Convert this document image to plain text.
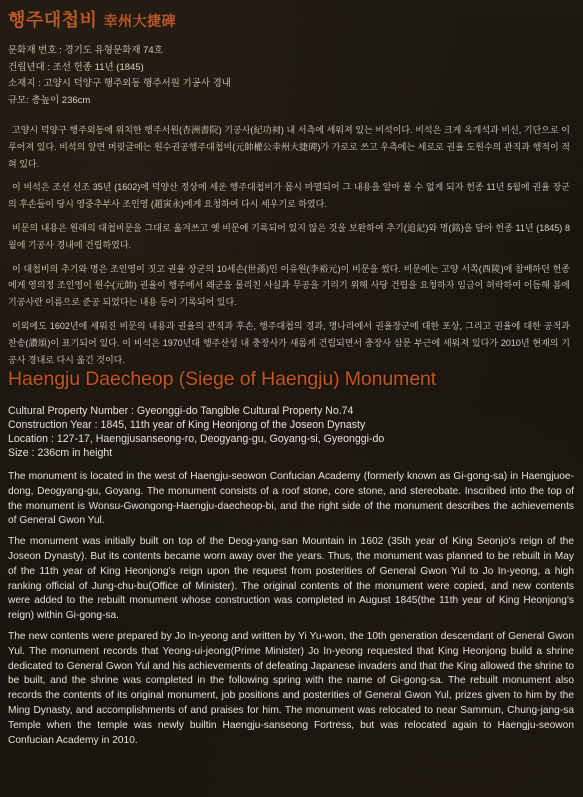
행주대첩비 幸州大捷碑
문화재 번호 : 경기도 유형문화재 74호
건립년대 : 조선 헌종 11년 (1845)
소재지 : 고양시 덕양구 행주외동 행주서원 기공사 경내
규모: 총높이 236cm

고양시 덕양구 행주외동에 위치한 행주서원(杏洲書院) 기공사(紀功祠) 내 서측에 세워져 있는 비석이다. 비석은 크게 옥개석과 비신, 기단으로 이루어져 있다. 비석의 앞면 머릿글에는 원수권공행주대첩비(元帥權公幸州大捷碑)가 가로로 쓰고 우측에는 세로로 권율 도원수의 관직과 행적이 적혀 있다.

이 비석은 조선 선조 35년 (1602)에 덕양산 정상에 세운 행주대첩비가 몹시 마멸되어 그 내용을 알아 볼 수 없게 되자 헌종 11년 5월에 권율 장군의 후손들이 당시 영중추부사 조인영 (趙寅永)에게 요청하여 다시 세우기로 하였다.

비문의 내용은 원래의 대첩비문을 그대로 옮겨쓰고 옛 비문에 기록되어 있지 않은 것을 보완하여 추기(追記)와 명(銘)을 달아 헌종 11년 (1845) 8월에 기공사 경내에 건립하였다.

이 대첩비의 추기와 명은 조인영이 짓고 권율 장군의 10세손(世孫)인 이유원(李裕元)이 비문을 썼다. 비문에는 고양 서쪽(西陵)에 참배하던 헌종에게 영의정 조인영이 원수(元帥) 권율이 행주에서 왜군을 물리친 사실과 무공을 기리기 위해 사당 건립을 요청하자 임금이 허락하여 이듬해 봄에 기공사란 이름으로 준공 되었다는 내용 등이 기록되어 있다.

이외에도 1602년에 세워진 비문의 내용과 권율의 관직과 후손, 행주대첩의 경과, 명나라에서 권율장군에 대한 포상, 그리고 권율에 대한 공적과 찬송(讚頌)이 표기되어 있다. 이 비석은 1970년대 행주산성 내 충장사가 새롭게 건립되면서 충장사 삼문 부근에 세워져 있다가 2010년 현재의 기공사 경내로 다시 옮긴 것이다.

Haengju Daecheop (Siege of Haengju) Monument
Cultural Property Number : Gyeonggi-do Tangible Cultural Property No.74
Construction Year : 1845, 11th year of King Heonjong of the Joseon Dynasty
Location : 127-17, Haengjusanseong-ro, Deogyang-gu, Goyang-si, Gyeonggi-do
Size : 236cm in height

The monument is located in the west of Haengju-seowon Confucian Academy (formerly known as Gi-gong-sa) in Haengjuoe-dong, Deogyang-gu, Goyang. The monument consists of a roof stone, core stone, and stereobate. Inscribed into the top of the monument is Wonsu-Gwongong-Haengju-daecheop-bi, and the right side of the monument describes the achievements of General Gwon Yul.

The monument was initially built on top of the Deog-yang-san Mountain in 1602 (35th year of King Seonjo's reign of the Joseon Dynasty). But its contents became worn away over the years. Thus, the monument was planned to be rebuilt in May of the 11th year of King Heonjong's reign upon the request from posterities of General Gwon Yul to Jo In-yeong, a high ranking official of Jung-chu-bu(Office of Minister). The original contents of the monument were copied, and new contents were added to the rebuilt monument whose construction was completed in August 1845(the 11th year of King Heonjong's reign) within Gi-gong-sa.

The new contents were prepared by Jo In-yeong and written by Yi Yu-won, the 10th generation descendant of General Gwon Yul. The monument records that Yeong-ui-jeong(Prime Minister) Jo In-yeong requested that King Heonjong build a shrine dedicated to General Gwon Yul and his achievements of defeating Japanese invaders and that the King allowed the shrine to be built, and the shrine was completed in the following spring with the name of Gi-gong-sa. The rebuilt monument also records the contents of its original monument, job positions and posterities of General Gwon Yul, prizes given to him by the Ming Dynasty, and accomplishments of and praises for him. The monument was relocated to near Sammun, Chung-jang-sa Temple when the temple was newly builtin Haengju-sanseong Fortress, but was relocated again to Haengju-seowon Confucian Academy in 2010.
